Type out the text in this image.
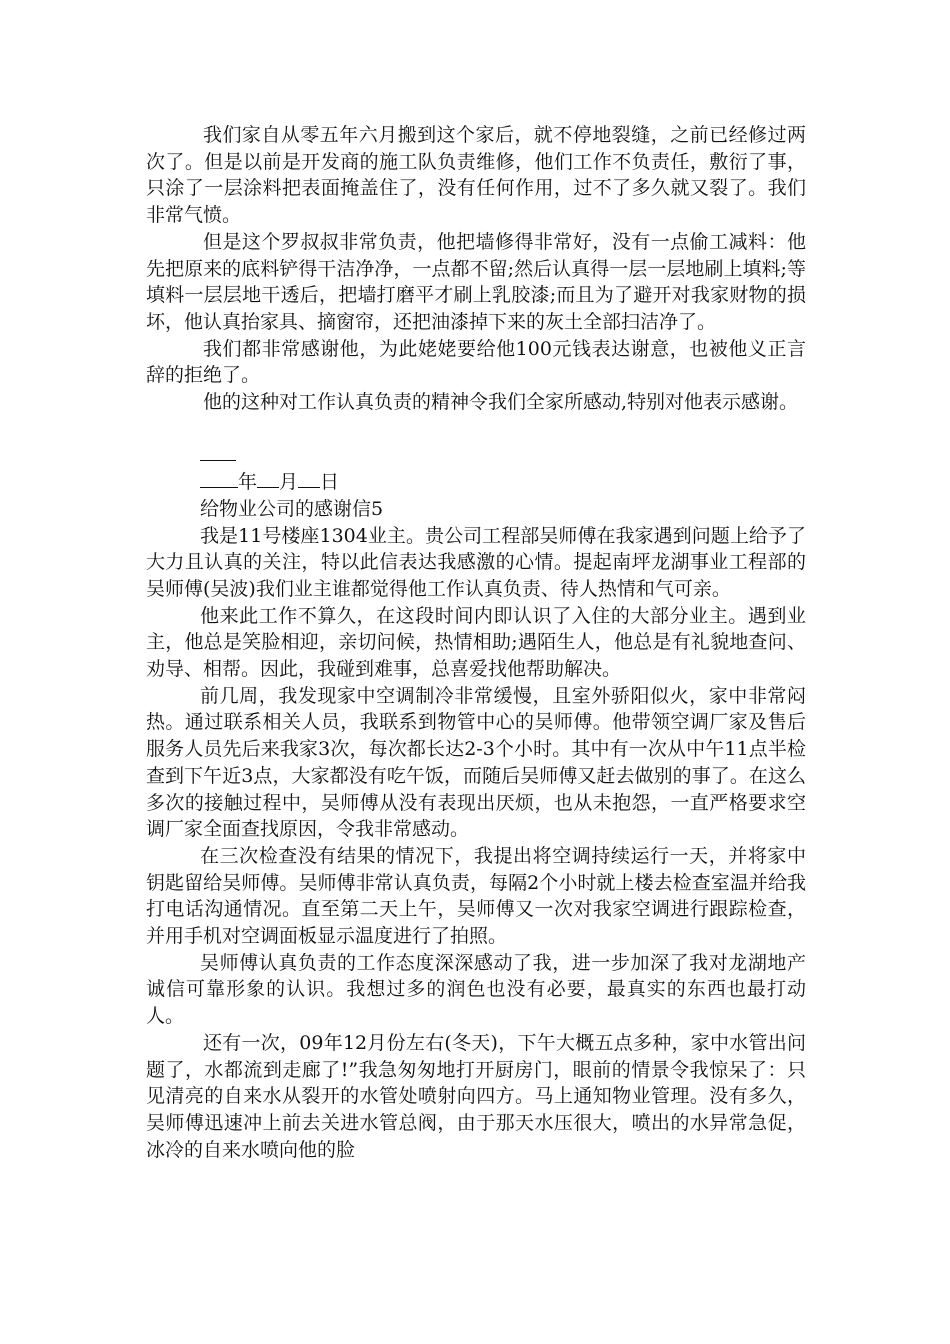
我们家自从零五年六月搬到这个家后，就不停地裂缝，之前已经修过两次了。但是以前是开发商的施工队负责维修，他们工作不负责任，敷衍了事，只涂了一层涂料把表面掩盖住了，没有任何作用，过不了多久就又裂了。我们非常气愤。

但是这个罗叔叔非常负责，他把墙修得非常好，没有一点偷工减料：他先把原来的底料铲得干洁净净，一点都不留;然后认真得一层一层地刷上填料;等填料一层层地干透后，把墙打磨平才刷上乳胶漆;而且为了避开对我家财物的损坏，他认真抬家具、摘窗帘，还把油漆掉下来的灰土全部扫洁净了。

我们都非常感谢他，为此姥姥要给他100元钱表达谢意，也被他义正言辞的拒绝了。

他的这种对工作认真负责的精神令我们全家所感动,特别对他表示感谢。

年 月 日

给物业公司的感谢信5

我是11号楼座1304业主。贵公司工程部吴师傅在我家遇到问题上给予了大力且认真的关注，特以此信表达我感激的心情。提起南坪龙湖事业工程部的吴师傅(吴波)我们业主谁都觉得他工作认真负责、待人热情和气可亲。

他来此工作不算久，在这段时间内即认识了入住的大部分业主。遇到业主，他总是笑脸相迎，亲切问候，热情相助;遇陌生人，他总是有礼貌地查问、劝导、相帮。因此，我碰到难事，总喜爱找他帮助解决。

前几周，我发现家中空调制冷非常缓慢，且室外骄阳似火，家中非常闷热。通过联系相关人员，我联系到物管中心的吴师傅。他带领空调厂家及售后服务人员先后来我家3次，每次都长达2-3个小时。其中有一次从中午11点半检查到下午近3点，大家都没有吃午饭，而随后吴师傅又赶去做别的事了。在这么多次的接触过程中，吴师傅从没有表现出厌烦，也从未抱怨，一直严格要求空调厂家全面查找原因，令我非常感动。

在三次检查没有结果的情况下，我提出将空调持续运行一天，并将家中钥匙留给吴师傅。吴师傅非常认真负责，每隔2个小时就上楼去检查室温并给我打电话沟通情况。直至第二天上午，吴师傅又一次对我家空调进行跟踪检查，并用手机对空调面板显示温度进行了拍照。

吴师傅认真负责的工作态度深深感动了我，进一步加深了我对龙湖地产诚信可靠形象的认识。我想过多的润色也没有必要，最真实的东西也最打动人。

还有一次，09年12月份左右(冬天)，下午大概五点多种，家中水管出问题了，水都流到走廊了!”我急匆匆地打开厨房门，眼前的情景令我惊呆了：只见清亮的自来水从裂开的水管处喷射向四方。马上通知物业管理。没有多久，吴师傅迅速冲上前去关进水管总阀，由于那天水压很大，喷出的水异常急促，冰冷的自来水喷向他的脸
